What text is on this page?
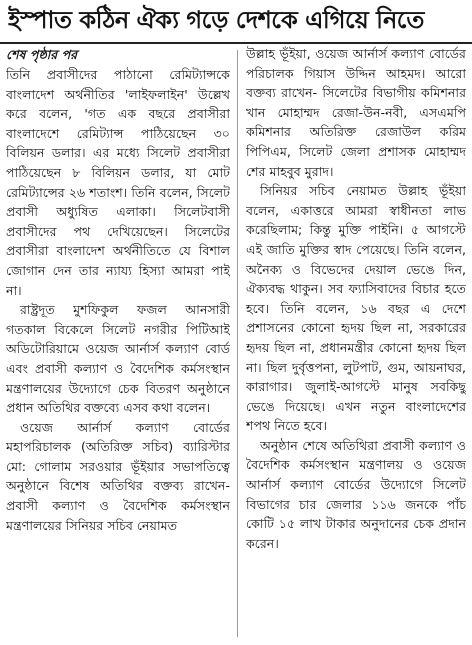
ইস্পাত কঠিন ঐক্য গড়ে দেশকে এগিয়ে নিতে
শেষ পৃষ্ঠার পর

তিনি প্রবাসীদের পাঠানো রেমিট্যান্সকে বাংলাদেশ অর্থনীতির 'লাইফলাইন' উল্লেখ করে বলেন, 'গত এক বছরে প্রবাসীরা বাংলাদেশে রেমিট্যান্স পাঠিয়েছেন ৩০ বিলিয়ন ডলার। এর মধ্যে সিলেট প্রবাসীরা পাঠিয়েছেন ৮ বিলিয়ন ডলার, যা মোট রেমিট্যান্সের ২৬ শতাংশ। তিনি বলেন, সিলেট প্রবাসী অধ্যুষিত এলাকা। সিলেটবাসী প্রবাসীদের পথ দেখিয়েছেন। সিলেটের প্রবাসীরা বাংলাদেশ অর্থনীতিতে যে বিশাল জোগান দেন তার ন্যায্য হিস্যা আমরা পাই না।

রাষ্ট্রদূত মুশফিকুল ফজল আনসারী গতকাল বিকেলে সিলেট নগরীর পিটিআই অডিটোরিয়ামে ওয়েজ আর্নার্স কল্যাণ বোর্ড এবং প্রবাসী কল্যাণ ও বৈদেশিক কর্মসংস্থান মন্ত্রণালয়ের উদ্যোগে চেক বিতরণ অনুষ্ঠানে প্রধান অতিথির বক্তব্যে এসব কথা বলেন।

ওয়েজ আর্নার্স কল্যাণ বোর্ডের মহাপরিচালক (অতিরিক্ত সচিব) ব্যারিস্টার মো: গোলাম সরওয়ার ভূঁইয়ার সভাপতিত্বে অনুষ্ঠানে বিশেষ অতিথির বক্তব্য রাখেন- প্রবাসী কল্যাণ ও বৈদেশিক কর্মসংস্থান মন্ত্রণালয়ের সিনিয়র সচিব নেয়ামত

উল্লাহ ভূঁইয়া, ওয়েজ আর্নার্স কল্যাণ বোর্ডের পরিচালক গিয়াস উদ্দিন আহমদ। আরো বক্তব্য রাখেন- সিলেটের বিভাগীয় কমিশনার খান মোহাম্মদ রেজা-উন-নবী, এসএমপি কমিশনার অতিরিক্ত রেজাউল করিম পিপিএম, সিলেট জেলা প্রশাসক মোহাম্মদ শের মাহবুব মুরাদ।

সিনিয়র সচিব নেয়ামত উল্লাহ ভূঁইয়া বলেন, একাত্তরে আমরা স্বাধীনতা লাভ করেছিলাম; কিন্তু মুক্তি পাইনি। ৫ আগস্টে এই জাতি মুক্তির স্বাদ পেয়েছে। তিনি বলেন, অনৈক্য ও বিভেদের দেয়াল ভেঙে দিন, ঐক্যবদ্ধ থাকুন। সব ফ্যাসিবাদের বিচার হতে হবে। তিনি বলেন, ১৬ বছর এ দেশে প্রশাসনের কোনো হৃদয় ছিল না, সরকারের হৃদয় ছিল না, প্রধানমন্ত্রীর কোনো হৃদয় ছিল না। ছিল দুর্বৃত্তপনা, লুটপাট, গুম, আয়নাঘর, কারাগার। জুলাই-আগস্টে মানুষ সবকিছু ভেঙে দিয়েছে। এখন নতুন বাংলাদেশের শপথ নিতে হবে।

অনুষ্ঠান শেষে অতিথিরা প্রবাসী কল্যাণ ও বৈদেশিক কর্মসংস্থান মন্ত্রণালয় ও ওয়েজ আর্নার্স কল্যাণ বোর্ডের উদ্যোগে সিলেট বিভাগের চার জেলার ১১৬ জনকে পাঁচ কোটি ১৫ লাখ টাকার অনুদানের চেক প্রদান করেন।
